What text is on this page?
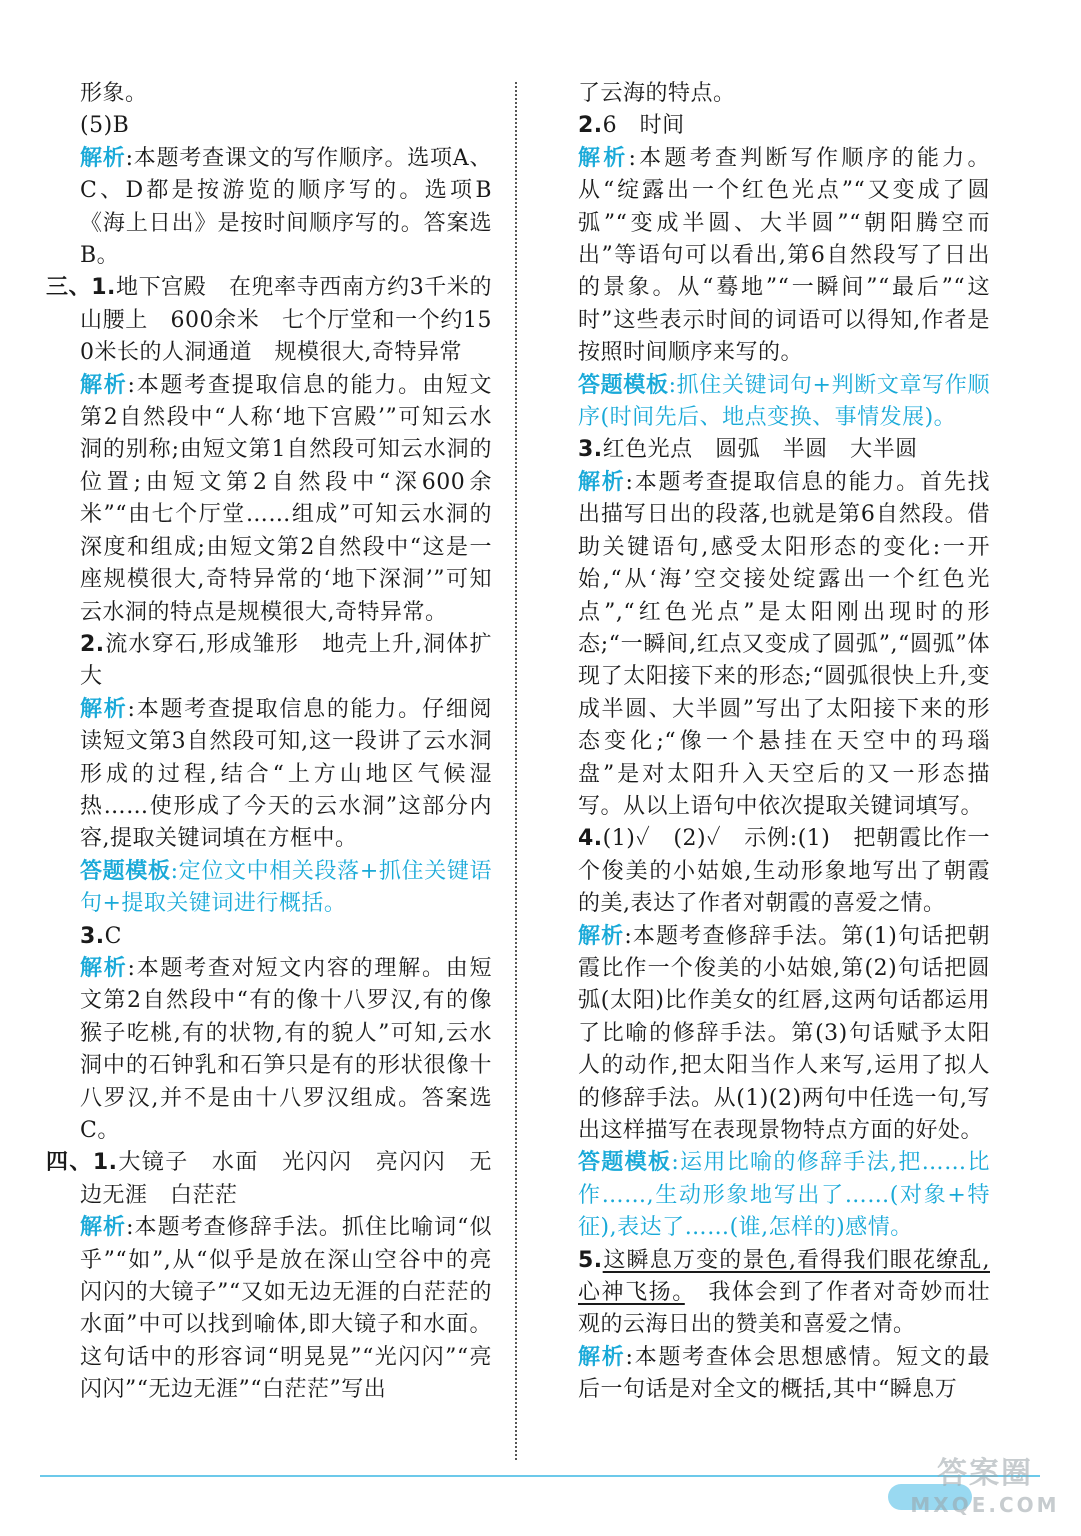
形象。

(5)B

解析:本题考查课文的写作顺序。选项A、C、D都是按游览的顺序写的。选项B《海上日出》是按时间顺序写的。答案选B。

三、1.地下宫殿　在兜率寺西南方约3千米的山腰上　600余米　七个厅堂和一个约150米长的人洞通道　规模很大,奇特异常

解析:本题考查提取信息的能力。由短文第2自然段中“人称‘地下宫殿’”可知云水洞的别称;由短文第1自然段可知云水洞的位置;由短文第2自然段中“深600余米”“由七个厅堂……组成”可知云水洞的深度和组成;由短文第2自然段中“这是一座规模很大,奇特异常的‘地下深洞’”可知云水洞的特点是规模很大,奇特异常。

2.流水穿石,形成雏形　地壳上升,洞体扩大

解析:本题考查提取信息的能力。仔细阅读短文第3自然段可知,这一段讲了云水洞形成的过程,结合“上方山地区气候湿热……使形成了今天的云水洞”这部分内容,提取关键词填在方框中。

答题模板:定位文中相关段落+抓住关键语句+提取关键词进行概括。

3.C

解析:本题考查对短文内容的理解。由短文第2自然段中“有的像十八罗汉,有的像猴子吃桃,有的状物,有的貌人”可知,云水洞中的石钟乳和石笋只是有的形状很像十八罗汉,并不是由十八罗汉组成。答案选C。

四、1.大镜子　水面　光闪闪　亮闪闪　无边无涯　白茫茫

解析:本题考查修辞手法。抓住比喻词“似乎”“如”,从“似乎是放在深山空谷中的亮闪闪的大镜子”“又如无边无涯的白茫茫的水面”中可以找到喻体,即大镜子和水面。这句话中的形容词“明晃晃”“光闪闪”“亮闪闪”“无边无涯”“白茫茫”写出

了云海的特点。

2.6　时间

解析:本题考查判断写作顺序的能力。从“绽露出一个红色光点”“又变成了圆弧”“变成半圆、大半圆”“朝阳腾空而出”等语句可以看出,第6自然段写了日出的景象。从“蓦地”“一瞬间”“最后”“这时”这些表示时间的词语可以得知,作者是按照时间顺序来写的。

答题模板:抓住关键词句+判断文章写作顺序(时间先后、地点变换、事情发展)。

3.红色光点　圆弧　半圆　大半圆

解析:本题考查提取信息的能力。首先找出描写日出的段落,也就是第6自然段。借助关键语句,感受太阳形态的变化:一开始,“从‘海’空交接处绽露出一个红色光点”,“红色光点”是太阳刚出现时的形态;“一瞬间,红点又变成了圆弧”,“圆弧”体现了太阳接下来的形态;“圆弧很快上升,变成半圆、大半圆”写出了太阳接下来的形态变化;“像一个悬挂在天空中的玛瑙盘”是对太阳升入天空后的又一形态描写。从以上语句中依次提取关键词填写。

4.(1)✓　(2)✓　示例:(1)　把朝霞比作一个俊美的小姑娘,生动形象地写出了朝霞的美,表达了作者对朝霞的喜爱之情。

解析:本题考查修辞手法。第(1)句话把朝霞比作一个俊美的小姑娘,第(2)句话把圆弧(太阳)比作美女的红唇,这两句话都运用了比喻的修辞手法。第(3)句话赋予太阳人的动作,把太阳当作人来写,运用了拟人的修辞手法。从(1)(2)两句中任选一句,写出这样描写在表现景物特点方面的好处。

答题模板:运用比喻的修辞手法,把……比作……,生动形象地写出了……(对象+特征),表达了……(谁,怎样的)感情。

5.这瞬息万变的景色,看得我们眼花缭乱,心神飞扬。　我体会到了作者对奇妙而壮观的云海日出的赞美和喜爱之情。

解析:本题考查体会思想感情。短文的最后一句话是对全文的概括,其中“瞬息万

答案圈
MXQE.COM
